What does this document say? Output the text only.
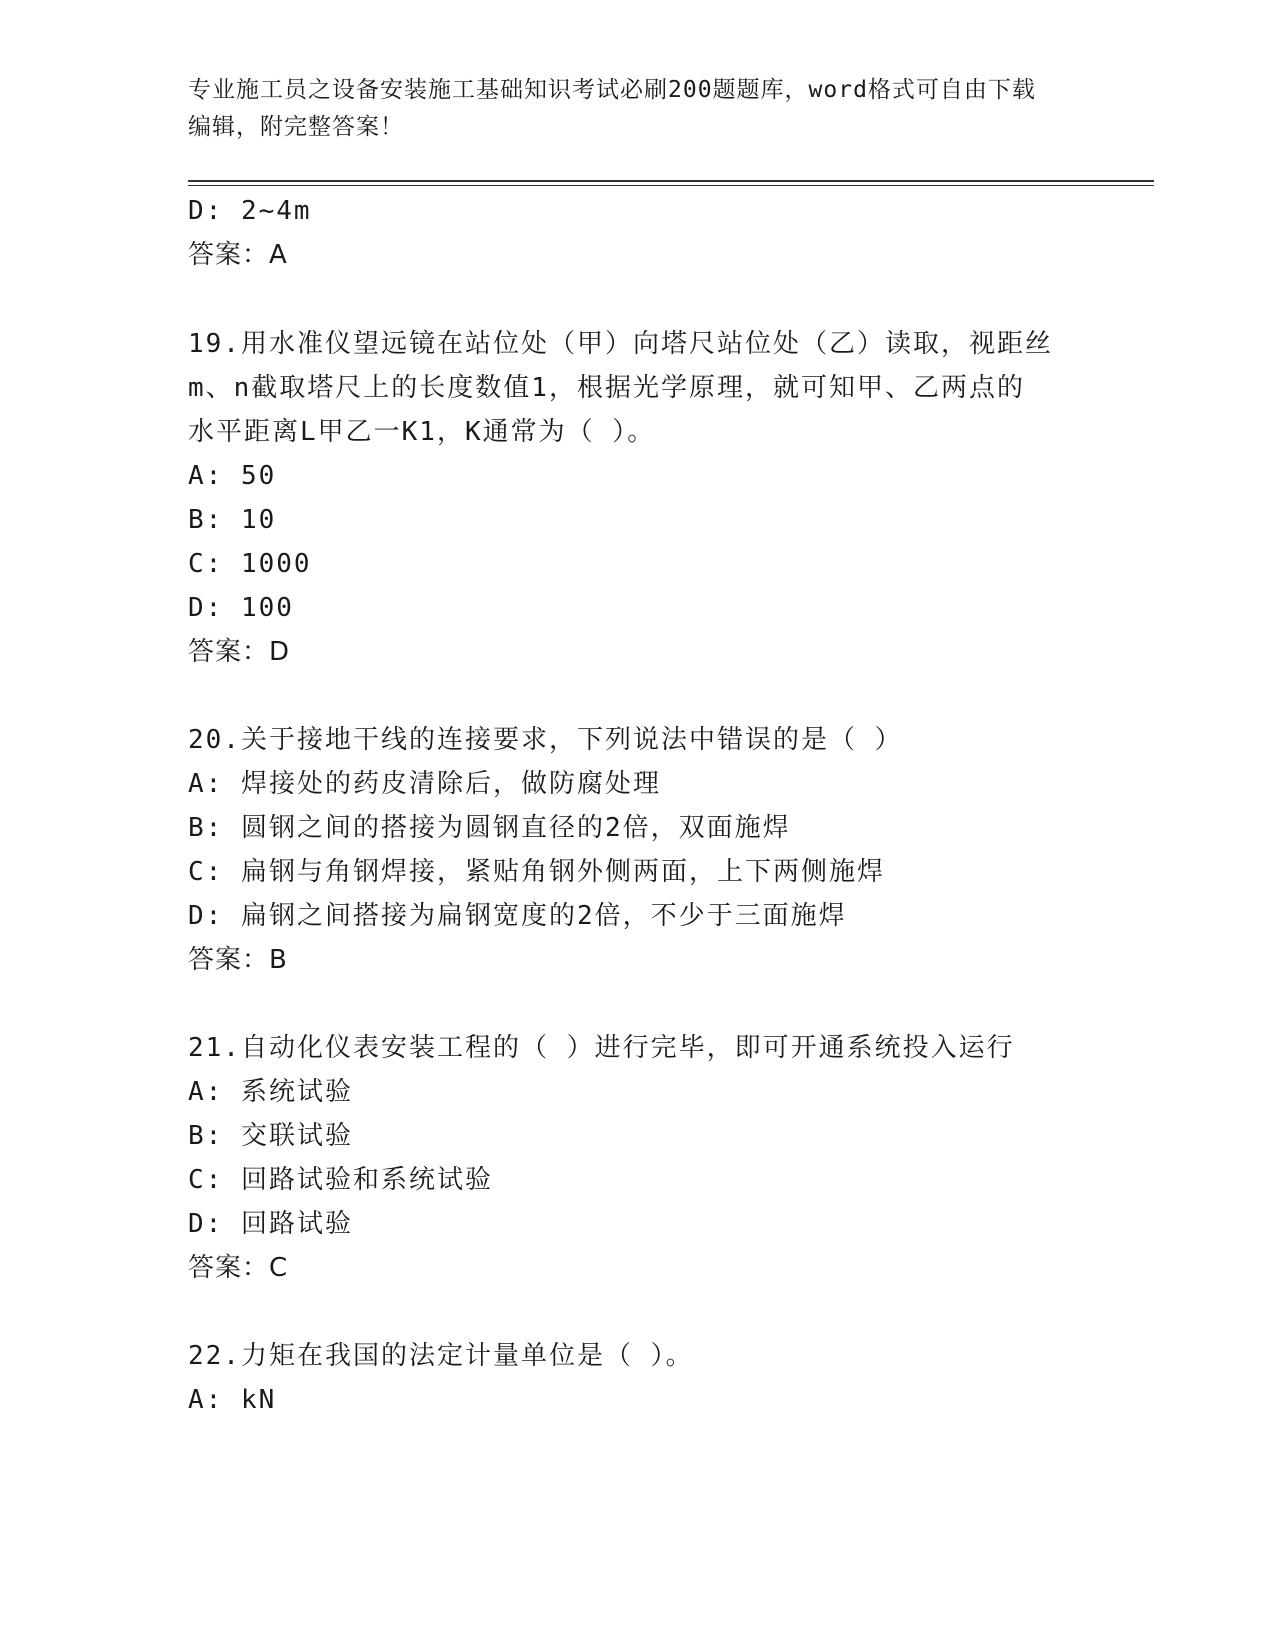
专业施工员之设备安装施工基础知识考试必刷200题题库，word格式可自由下载
编辑，附完整答案！
D: 2~4m
答案：A
19.用水准仪望远镜在站位处（甲）向塔尺站位处（乙）读取，视距丝
m、n截取塔尺上的长度数值1，根据光学原理，就可知甲、乙两点的
水平距离L甲乙一K1，K通常为（ ）。
A: 50
B: 10
C: 1000
D: 100
答案：D
20.关于接地干线的连接要求，下列说法中错误的是（ ）
A: 焊接处的药皮清除后，做防腐处理
B: 圆钢之间的搭接为圆钢直径的2倍，双面施焊
C: 扁钢与角钢焊接，紧贴角钢外侧两面，上下两侧施焊
D: 扁钢之间搭接为扁钢宽度的2倍，不少于三面施焊
答案：B
21.自动化仪表安装工程的（ ）进行完毕，即可开通系统投入运行
A: 系统试验
B: 交联试验
C: 回路试验和系统试验
D: 回路试验
答案：C
22.力矩在我国的法定计量单位是（ ）。
A: kN
